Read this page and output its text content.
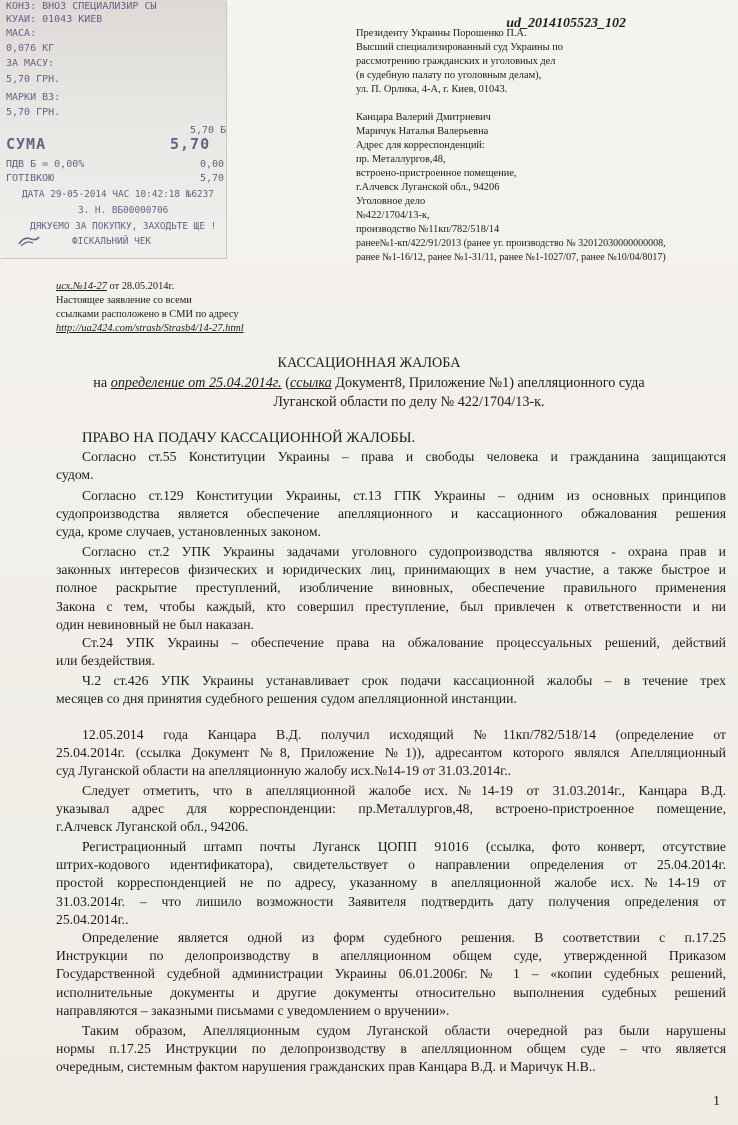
КОНЗ: ВНОЗ СПЕЦИАЛИЗИР СЫ
КУАИ: 01043 КИЕВ
МАСА:
0,076 КГ
ЗА МАСУ:
5,70 ГРН.
МАРКИ ВЗ:
5,70 ГРН.
5,70 Б
СУМА	5,70
ПДВ Б = 0,00%	0,00
ГОТІВКОЮ	5,70
ДАТА 29-05-2014 ЧАС 10:42:18 №6237
З. Н. ВБ00000706
ДЯКУЄМО ЗА ПОКУПКУ, ЗАХОДЬТЕ ЩЕ !
ФІСКАЛЬНИЙ ЧЕК
ud_2014105523_102
Президенту Украины Порошенко П.А.
Высший специализированный суд Украины по
рассмотрению гражданских и уголовных дел
(в судебную палату по уголовным делам),
ул. П. Орлика, 4-А, г. Киев, 01043.
Канцара Валерий Дмитриевич
Маричук Наталья Валерьевна
Адрес для корреспонденций:
пр. Металлургов,48,
встроено-пристроенное помещение,
г.Алчевск Луганской обл., 94206
Уголовное дело
№422/1704/13-к,
производство №11кп/782/518/14
ранее№1-кп/422/91/2013 (ранее уг. производство № 32012030000000008,
ранее №1-16/12, ранее №1-31/11, ранее №1-1027/07, ранее №10/04/8017)
исх.№14-27 от 28.05.2014г.
Настоящее заявление со всеми
ссылками расположено в СМИ по адресу
http://ua2424.com/strasb/Strasb4/14-27.html
КАССАЦИОННАЯ ЖАЛОБА
на определение от 25.04.2014г. (ссылка Документ8, Приложение №1) апелляционного суда
Луганской области по делу № 422/1704/13-к.
ПРАВО НА ПОДАЧУ КАССАЦИОННОЙ ЖАЛОБЫ.
Согласно ст.55 Конституции Украины – права и свободы человека и гражданина защищаются
судом.
Согласно ст.129 Конституции Украины, ст.13 ГПК Украины – одним из основных принципов
судопроизводства является обеспечение апелляционного и кассационного обжалования решения
суда, кроме случаев, установленных законом.
Согласно ст.2 УПК Украины задачами уголовного судопроизводства являются - охрана прав и
законных интересов физических и юридических лиц, принимающих в нем участие, а также быстрое и
полное раскрытие преступлений, изобличение виновных, обеспечение правильного применения
Закона с тем, чтобы каждый, кто совершил преступление, был привлечен к ответственности и ни
один невиновный не был наказан.
Ст.24 УПК Украины – обеспечение права на обжалование процессуальных решений, действий
или бездействия.
Ч.2 ст.426 УПК Украины устанавливает срок подачи кассационной жалобы – в течение трех
месяцев со дня принятия судебного решения судом апелляционной инстанции.
12.05.2014 года Канцара В.Д. получил исходящий №11кп/782/518/14 (определение от
25.04.2014г. (ссылка Документ №8, Приложение №1)), адресантом которого являлся Апелляционный
суд Луганской области на апелляционную жалобу исх.№14-19 от 31.03.2014г..
Следует отметить, что в апелляционной жалобе исх.№14-19 от 31.03.2014г., Канцара В.Д.
указывал адрес для корреспонденции: пр.Металлургов,48, встроено-пристроенное помещение,
г.Алчевск Луганской обл., 94206.
Регистрационный штамп почты Луганск ЦОПП 91016 (ссылка, фото конверт, отсутствие
штрих-кодового идентификатора), свидетельствует о направлении определения от 25.04.2014г.
простой корреспонденцией не по адресу, указанному в апелляционной жалобе исх.№14-19 от
31.03.2014г. – что лишило возможности Заявителя подтвердить дату получения определения от
25.04.2014г..
Определение является одной из форм судебного решения. В соответствии с п.17.25
Инструкции по делопроизводству в апелляционном общем суде, утвержденной Приказом
Государственной судебной администрации Украины 06.01.2006г. № 1 – «копии судебных решений,
исполнительные документы и другие документы относительно выполнения судебных решений
направляются – заказными письмами с уведомлением о вручении».
Таким образом, Апелляционным судом Луганской области очередной раз были нарушены
нормы п.17.25 Инструкции по делопроизводству в апелляционном общем суде – что является
очередным, системным фактом нарушения гражданских прав Канцара В.Д. и Маричук Н.В..
1
